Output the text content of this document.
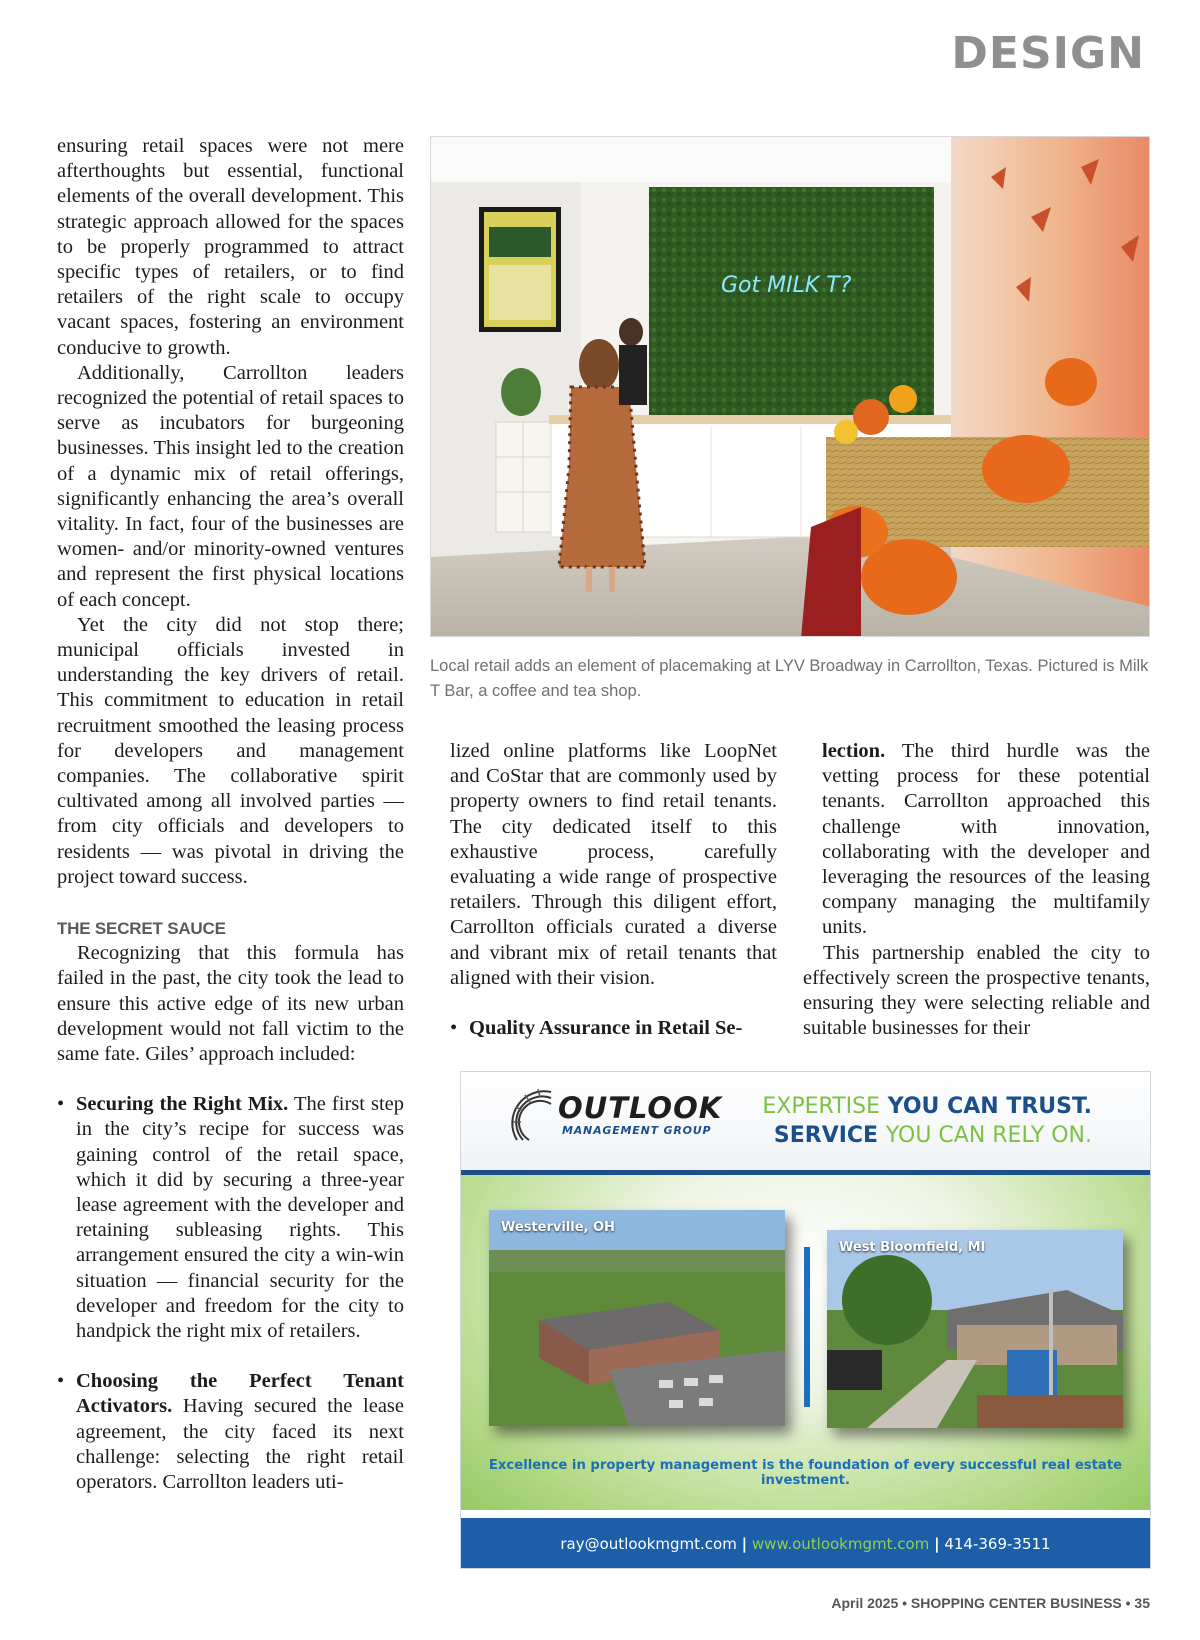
DESIGN

ensuring retail spaces were not mere afterthoughts but essential, functional elements of the overall development. This strategic approach allowed for the spaces to be properly programmed to attract specific types of retailers, or to find retailers of the right scale to occupy vacant spaces, fostering an environment conducive to growth.

Additionally, Carrollton leaders recognized the potential of retail spaces to serve as incubators for burgeoning businesses. This insight led to the creation of a dynamic mix of retail offerings, significantly enhancing the area’s overall vitality. In fact, four of the businesses are women- and/or minority-owned ventures and represent the first physical locations of each concept.

Yet the city did not stop there; municipal officials invested in understanding the key drivers of retail. This commitment to education in retail recruitment smoothed the leasing process for developers and management companies. The collaborative spirit cultivated among all involved parties — from city officials and developers to residents — was pivotal in driving the project toward success.

THE SECRET SAUCE

Recognizing that this formula has failed in the past, the city took the lead to ensure this active edge of its new urban development would not fall victim to the same fate. Giles’ approach included:

• Securing the Right Mix. The first step in the city’s recipe for success was gaining control of the retail space, which it did by securing a three-year lease agreement with the developer and retaining subleasing rights. This arrangement ensured the city a win-win situation — financial security for the developer and freedom for the city to handpick the right mix of retailers.

• Choosing the Perfect Tenant Activators. Having secured the lease agreement, the city faced its next challenge: selecting the right retail operators. Carrollton leaders uti-

Got MILK T?
Local retail adds an element of placemaking at LYV Broadway in Carrollton, Texas. Pictured is Milk T Bar, a coffee and tea shop.

lized online platforms like LoopNet and CoStar that are commonly used by property owners to find retail tenants. The city dedicated itself to this exhaustive process, carefully evaluating a wide range of prospective retailers. Through this diligent effort, Carrollton officials curated a diverse and vibrant mix of retail tenants that aligned with their vision.

• Quality Assurance in Retail Se-

lection. The third hurdle was the vetting process for these potential tenants. Carrollton approached this challenge with innovation, collaborating with the developer and leveraging the resources of the leasing company managing the multifamily units.

This partnership enabled the city to effectively screen the prospective tenants, ensuring they were selecting reliable and suitable businesses for their

OUTLOOK
MANAGEMENT GROUP
EXPERTISE YOU CAN TRUST.
SERVICE YOU CAN RELY ON.
Westerville, OH
West Bloomfield, MI
Excellence in property management is the foundation of every successful real estate investment.
ray@outlookmgmt.com | www.outlookmgmt.com | 414-369-3511
April 2025 • SHOPPING CENTER BUSINESS • 35
